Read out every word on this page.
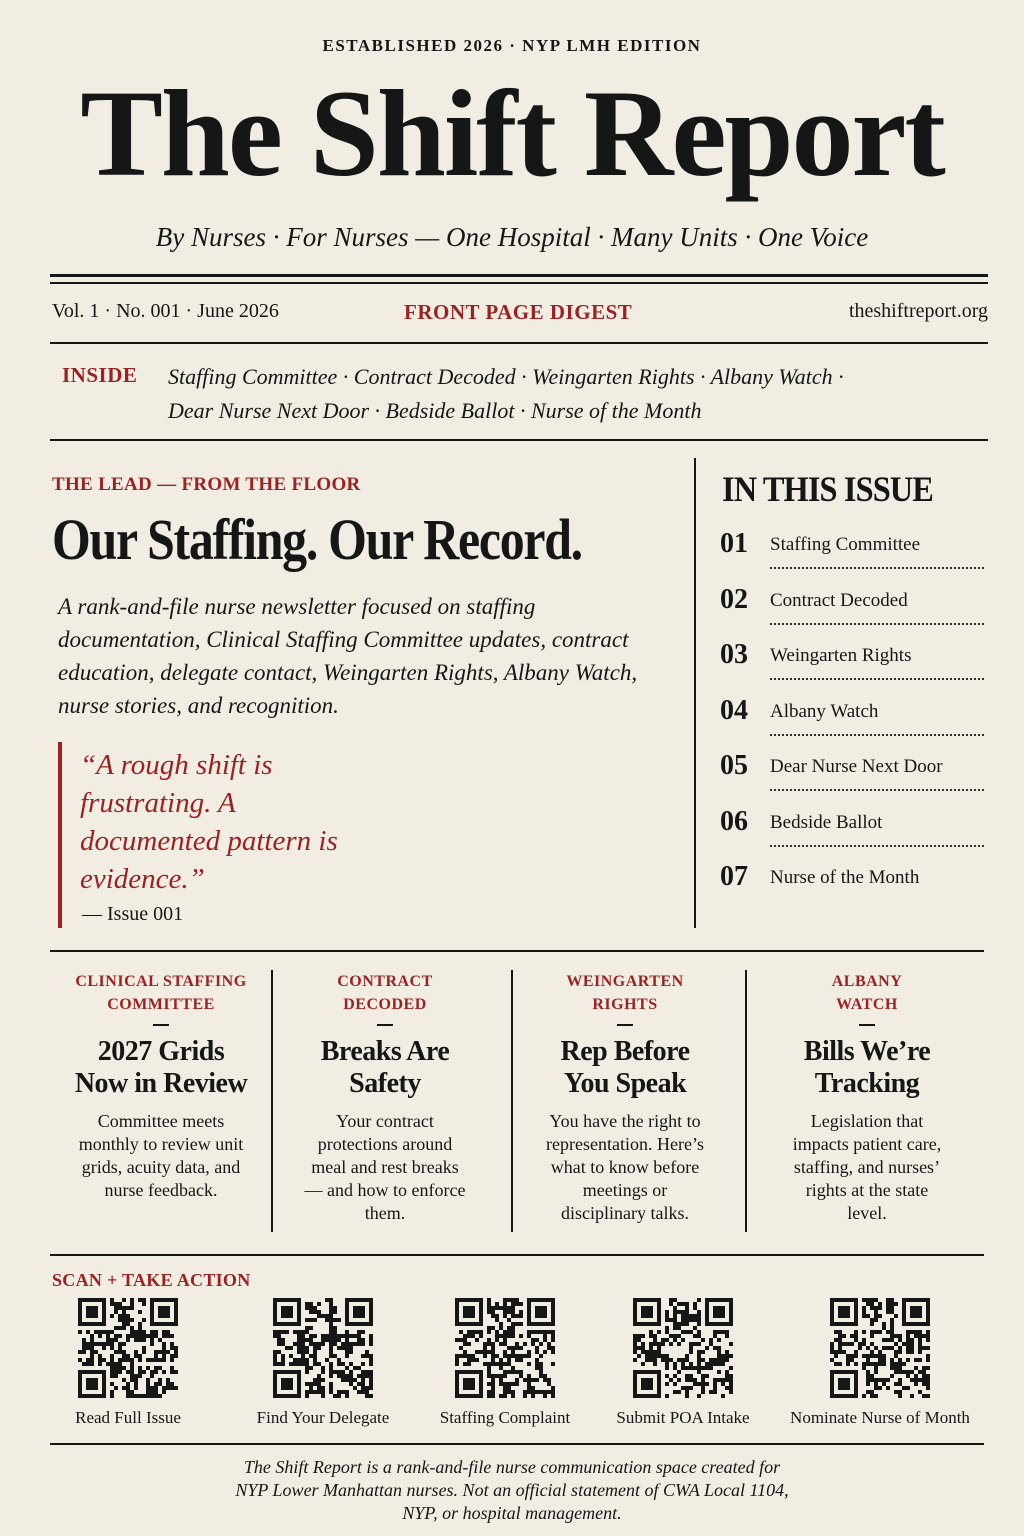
ESTABLISHED 2026 · NYP LMH EDITION
The Shift Report
By Nurses · For Nurses — One Hospital · Many Units · One Voice
Vol. 1 · No. 001 · June 2026	FRONT PAGE DIGEST	theshiftreport.org
INSIDE Staffing Committee · Contract Decoded · Weingarten Rights · Albany Watch ·
Dear Nurse Next Door · Bedside Ballot · Nurse of the Month
THE LEAD — FROM THE FLOOR
Our Staffing. Our Record.
A rank-and-file nurse newsletter focused on staffing documentation, Clinical Staffing Committee updates, contract education, delegate contact, Weingarten Rights, Albany Watch, nurse stories, and recognition.
“A rough shift is frustrating. A documented pattern is evidence.”
— Issue 001
IN THIS ISSUE
01 Staffing Committee
02 Contract Decoded
03 Weingarten Rights
04 Albany Watch
05 Dear Nurse Next Door
06 Bedside Ballot
07 Nurse of the Month
CLINICAL STAFFING
COMMITTEE
2027 Grids
Now in Review
Committee meets monthly to review unit grids, acuity data, and nurse feedback.
CONTRACT
DECODED
Breaks Are
Safety
Your contract protections around meal and rest breaks — and how to enforce them.
WEINGARTEN
RIGHTS
Rep Before
You Speak
You have the right to representation. Here’s what to know before meetings or disciplinary talks.
ALBANY
WATCH
Bills We’re
Tracking
Legislation that impacts patient care, staffing, and nurses’ rights at the state level.
SCAN + TAKE ACTION
Read Full Issue	Find Your Delegate	Staffing Complaint	Submit POA Intake	Nominate Nurse of Month
The Shift Report is a rank-and-file nurse communication space created for
NYP Lower Manhattan nurses. Not an official statement of CWA Local 1104,
NYP, or hospital management.
